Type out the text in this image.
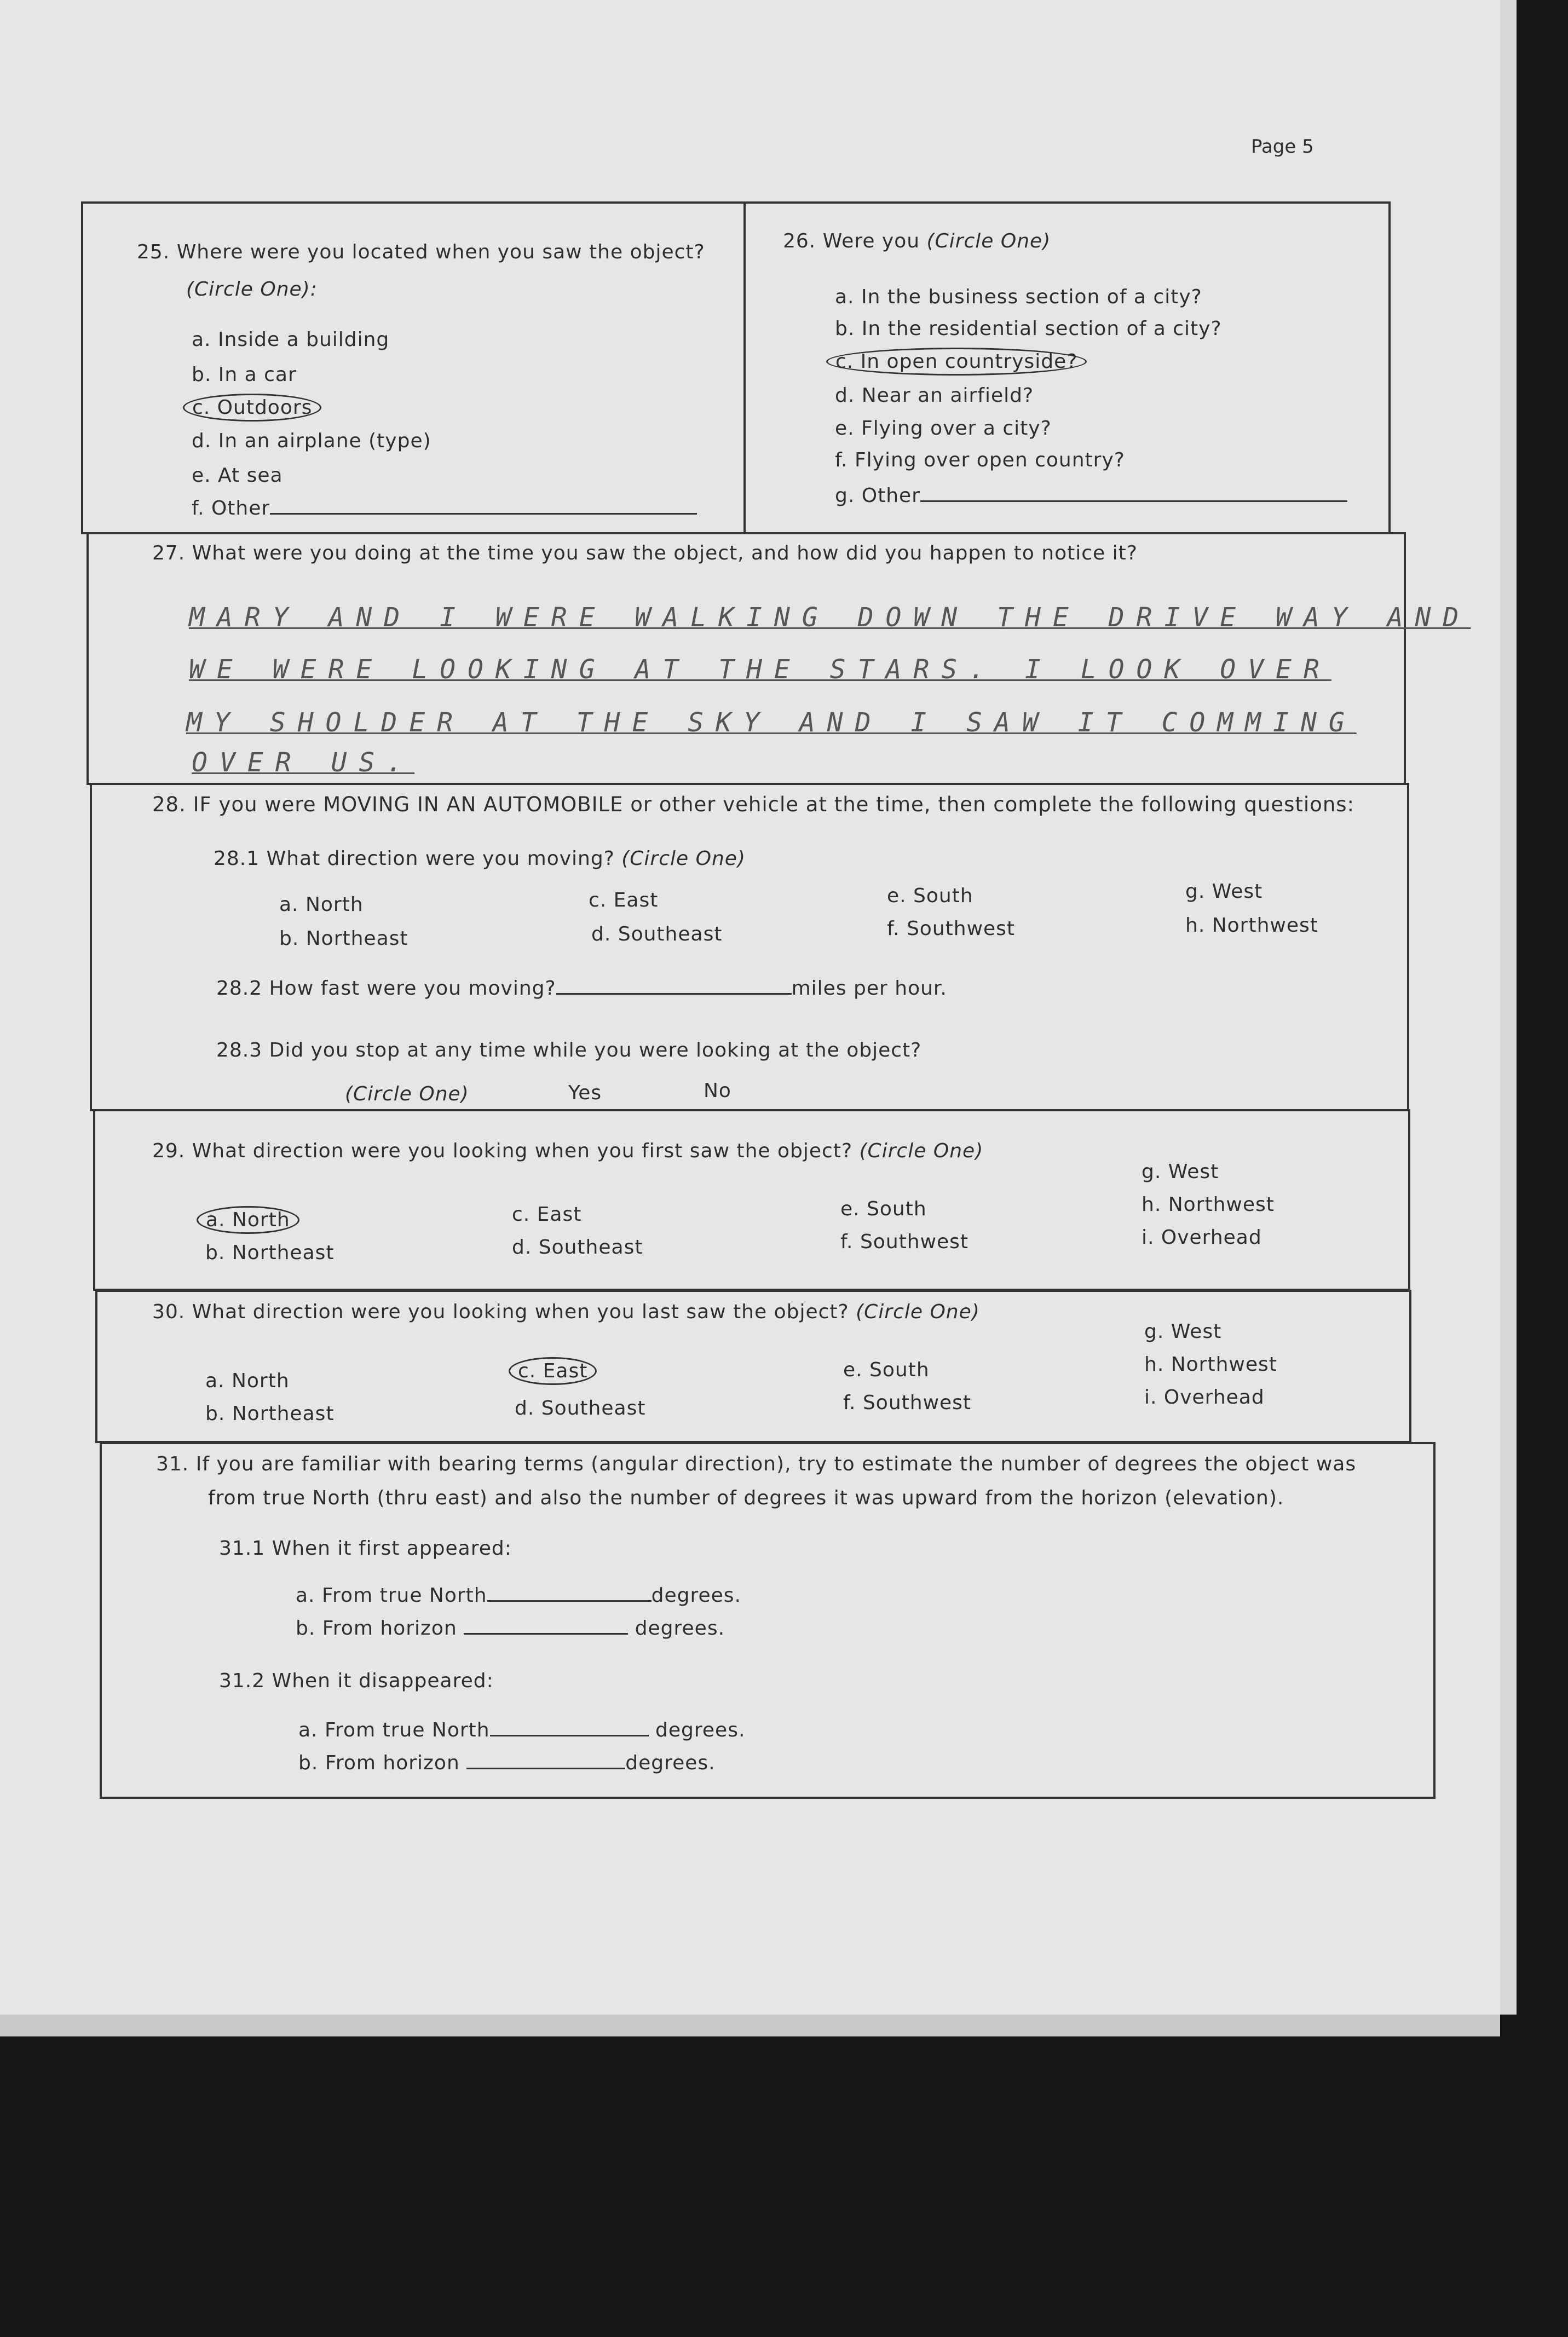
Page 5
25. Where were you located when you saw the object?
(Circle One):
a. Inside a building
b. In a car
c. Outdoors
d. In an airplane (type)
e. At sea
f. Other
26. Were you (Circle One)
a. In the business section of a city?
b. In the residential section of a city?
c. In open countryside?
d. Near an airfield?
e. Flying over a city?
f. Flying over open country?
g. Other
27. What were you doing at the time you saw the object, and how did you happen to notice it?
MARY AND I WERE WALKING DOWN THE DRIVE WAY AND
WE WERE LOOKING AT THE STARS. I LOOK OVER
MY SHOLDER AT THE SKY AND I SAW IT COMMING
OVER US.
28. IF you were MOVING IN AN AUTOMOBILE or other vehicle at the time, then complete the following questions:
28.1 What direction were you moving? (Circle One)
a. North
b. Northeast
c. East
d. Southeast
e. South
f. Southwest
g. West
h. Northwest
28.2 How fast were you moving?	miles per hour.
28.3 Did you stop at any time while you were looking at the object?
(Circle One)	Yes	No
29. What direction were you looking when you first saw the object? (Circle One)
a. North
b. Northeast
c. East
d. Southeast
e. South
f. Southwest
g. West
h. Northwest
i. Overhead
30. What direction were you looking when you last saw the object? (Circle One)
a. North
b. Northeast
c. East
d. Southeast
e. South
f. Southwest
g. West
h. Northwest
i. Overhead
31. If you are familiar with bearing terms (angular direction), try to estimate the number of degrees the object was
from true North (thru east) and also the number of degrees it was upward from the horizon (elevation).
31.1 When it first appeared:
a. From true North	degrees.
b. From horizon	degrees.
31.2 When it disappeared:
a. From true North	degrees.
b. From horizon	degrees.
